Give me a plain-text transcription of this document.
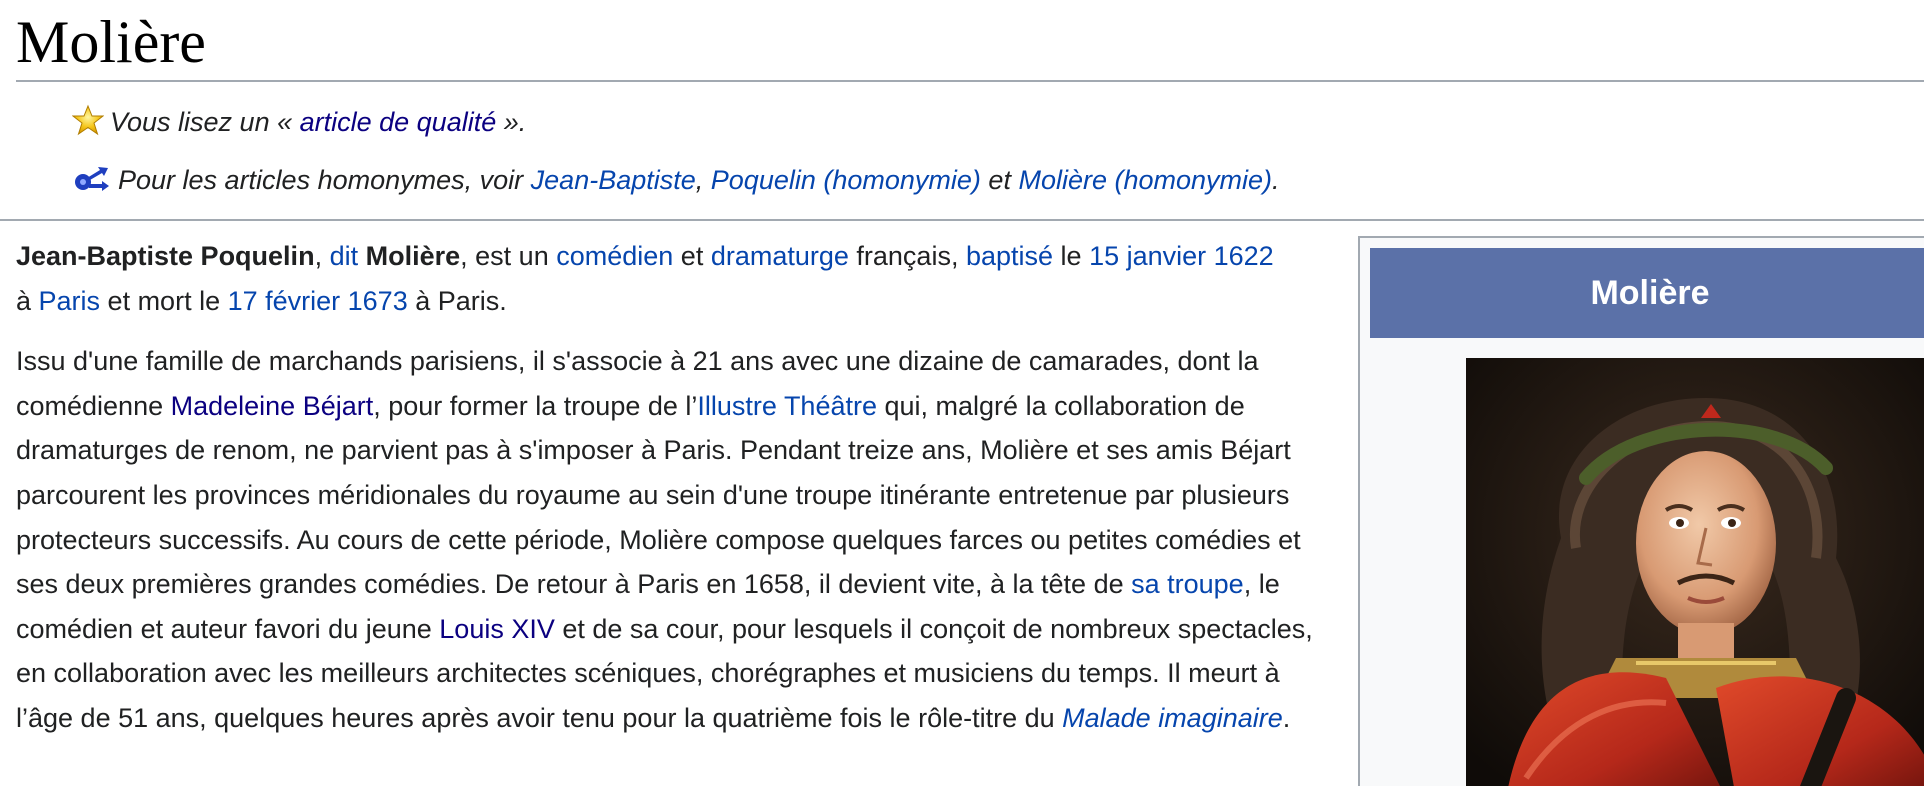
Molière
Vous lisez un « article de qualité ».
Pour les articles homonymes, voir Jean-Baptiste, Poquelin (homonymie) et Molière (homonymie).

Jean-Baptiste Poquelin, dit Molière, est un comédien et dramaturge français, baptisé le 15 janvier 1622
à Paris et mort le 17 février 1673 à Paris.

Issu d'une famille de marchands parisiens, il s'associe à 21 ans avec une dizaine de camarades, dont la comédienne Madeleine Béjart, pour former la troupe de l’Illustre Théâtre qui, malgré la collaboration de dramaturges de renom, ne parvient pas à s'imposer à Paris. Pendant treize ans, Molière et ses amis Béjart parcourent les provinces méridionales du royaume au sein d'une troupe itinérante entretenue par plusieurs protecteurs successifs. Au cours de cette période, Molière compose quelques farces ou petites comédies et ses deux premières grandes comédies. De retour à Paris en 1658, il devient vite, à la tête de sa troupe, le comédien et auteur favori du jeune Louis XIV et de sa cour, pour lesquels il conçoit de nombreux spectacles, en collaboration avec les meilleurs architectes scéniques, chorégraphes et musiciens du temps. Il meurt à l’âge de 51 ans, quelques heures après avoir tenu pour la quatrième fois le rôle-titre du Malade imaginaire.

Molière
